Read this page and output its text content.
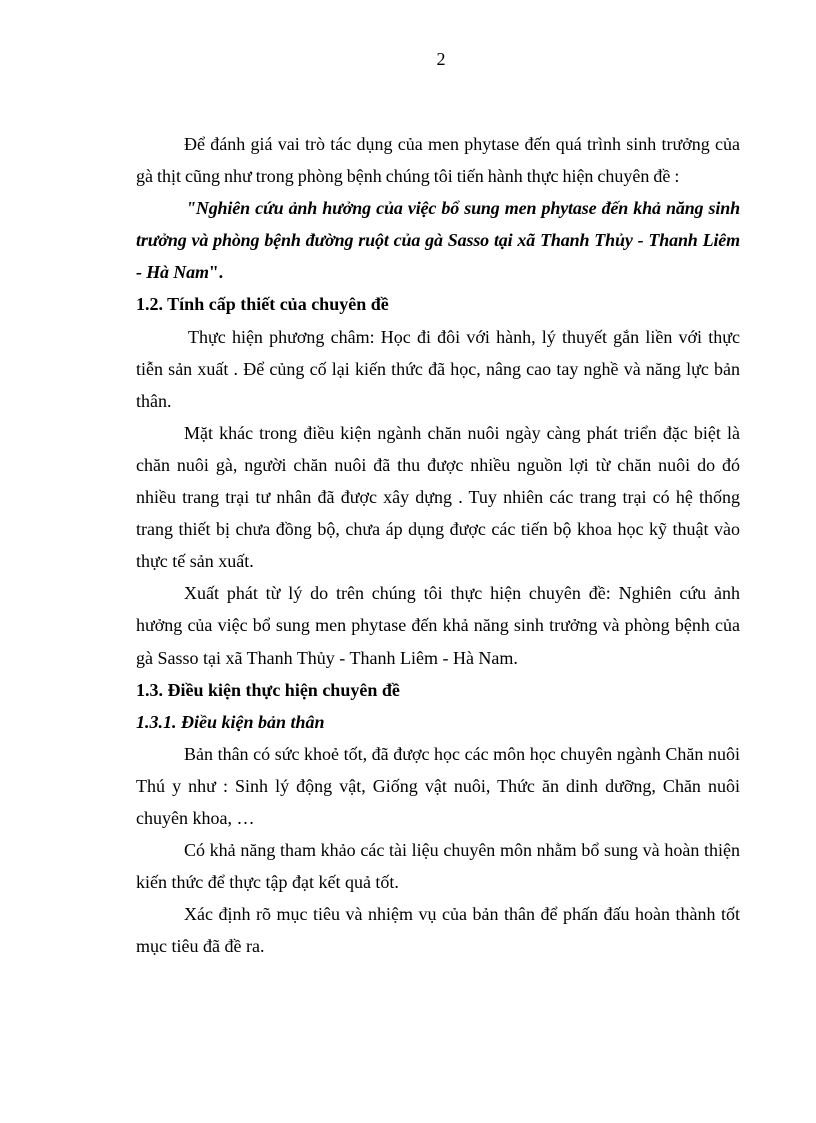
2

Để đánh giá vai trò tác dụng của men phytase đến quá trình sinh trưởng của gà thịt cũng như trong phòng bệnh chúng tôi tiến hành thực hiện chuyên đề :

"Nghiên cứu ảnh hưởng của việc bổ sung men phytase đến khả năng sinh trưởng và phòng bệnh đường ruột của gà Sasso tại xã Thanh Thủy - Thanh Liêm - Hà Nam".

1.2. Tính cấp thiết của chuyên đề

Thực hiện phương châm: Học đi đôi với hành, lý thuyết gắn liền với thực tiễn sản xuất . Để củng cố lại kiến thức đã học, nâng cao tay nghề và năng lực bản thân.

Mặt khác trong điều kiện ngành chăn nuôi ngày càng phát triển đặc biệt là chăn nuôi gà, người chăn nuôi đã thu được nhiều nguồn lợi từ chăn nuôi do đó nhiều trang trại tư nhân đã được xây dựng . Tuy nhiên các trang trại có hệ thống trang thiết bị chưa đồng bộ, chưa áp dụng được các tiến bộ khoa học kỹ thuật vào thực tế sản xuất.

Xuất phát từ lý do trên chúng tôi thực hiện chuyên đề: Nghiên cứu ảnh hưởng của việc bổ sung men phytase đến khả năng sinh trưởng và phòng bệnh của gà Sasso tại xã Thanh Thủy - Thanh Liêm - Hà Nam.

1.3. Điều kiện thực hiện chuyên đề

1.3.1. Điều kiện bản thân

Bản thân có sức khoẻ tốt, đã được học các môn học chuyên ngành Chăn nuôi Thú y như : Sinh lý động vật, Giống vật nuôi, Thức ăn dinh dưỡng, Chăn nuôi chuyên khoa, …

Có khả năng tham khảo các tài liệu chuyên môn nhằm bổ sung và hoàn thiện kiến thức để thực tập đạt kết quả tốt.

Xác định rõ mục tiêu và nhiệm vụ của bản thân để phấn đấu hoàn thành tốt mục tiêu đã đề ra.
